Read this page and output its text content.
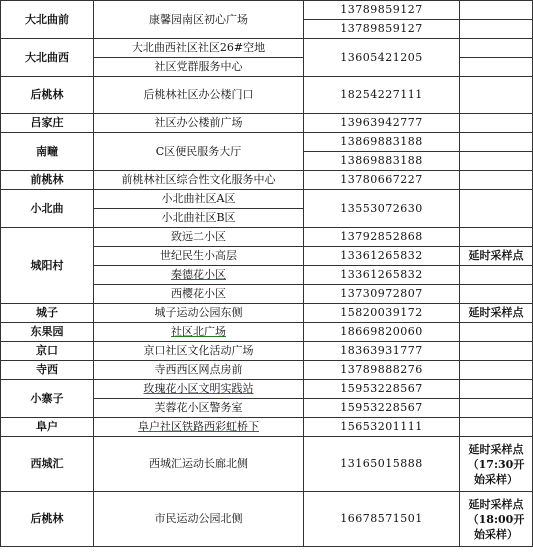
大北曲前	康馨园南区初心广场	13789859127	
		13789859127	
大北曲西	大北曲西社区社区26#空地	13605421205	
	社区党群服务中心		
后桃林	后桃林社区办公楼门口	18254227111	
吕家庄	社区办公楼前广场	13963942777	
南疃	C区便民服务大厅	13869883188	
		13869883188	
前桃林	前桃林社区综合性文化服务中心	13780667227	
小北曲	小北曲社区A区	13553072630	
	小北曲社区B区		
城阳村	致远二小区	13792852868	
	世纪民生小高层	13361265832	延时采样点
	秦德花小区	13361265832	
	西樱花小区	13730972807	
城子	城子运动公园东侧	15820039172	延时采样点
东果园	社区北广场	18669820060	
京口	京口社区文化活动广场	18363931777	
寺西	寺西西区网点房前	13789888276	
小寨子	玫瑰花小区文明实践站	15953228567	
	芙蓉花小区警务室	15953228567	
阜户	阜户社区铁路西彩虹桥下	15653201111	
西城汇	西城汇运动长廊北侧	13165015888	延时采样点（17:30开始采样）
后桃林	市民运动公园北侧	16678571501	延时采样点（18:00开始采样）
